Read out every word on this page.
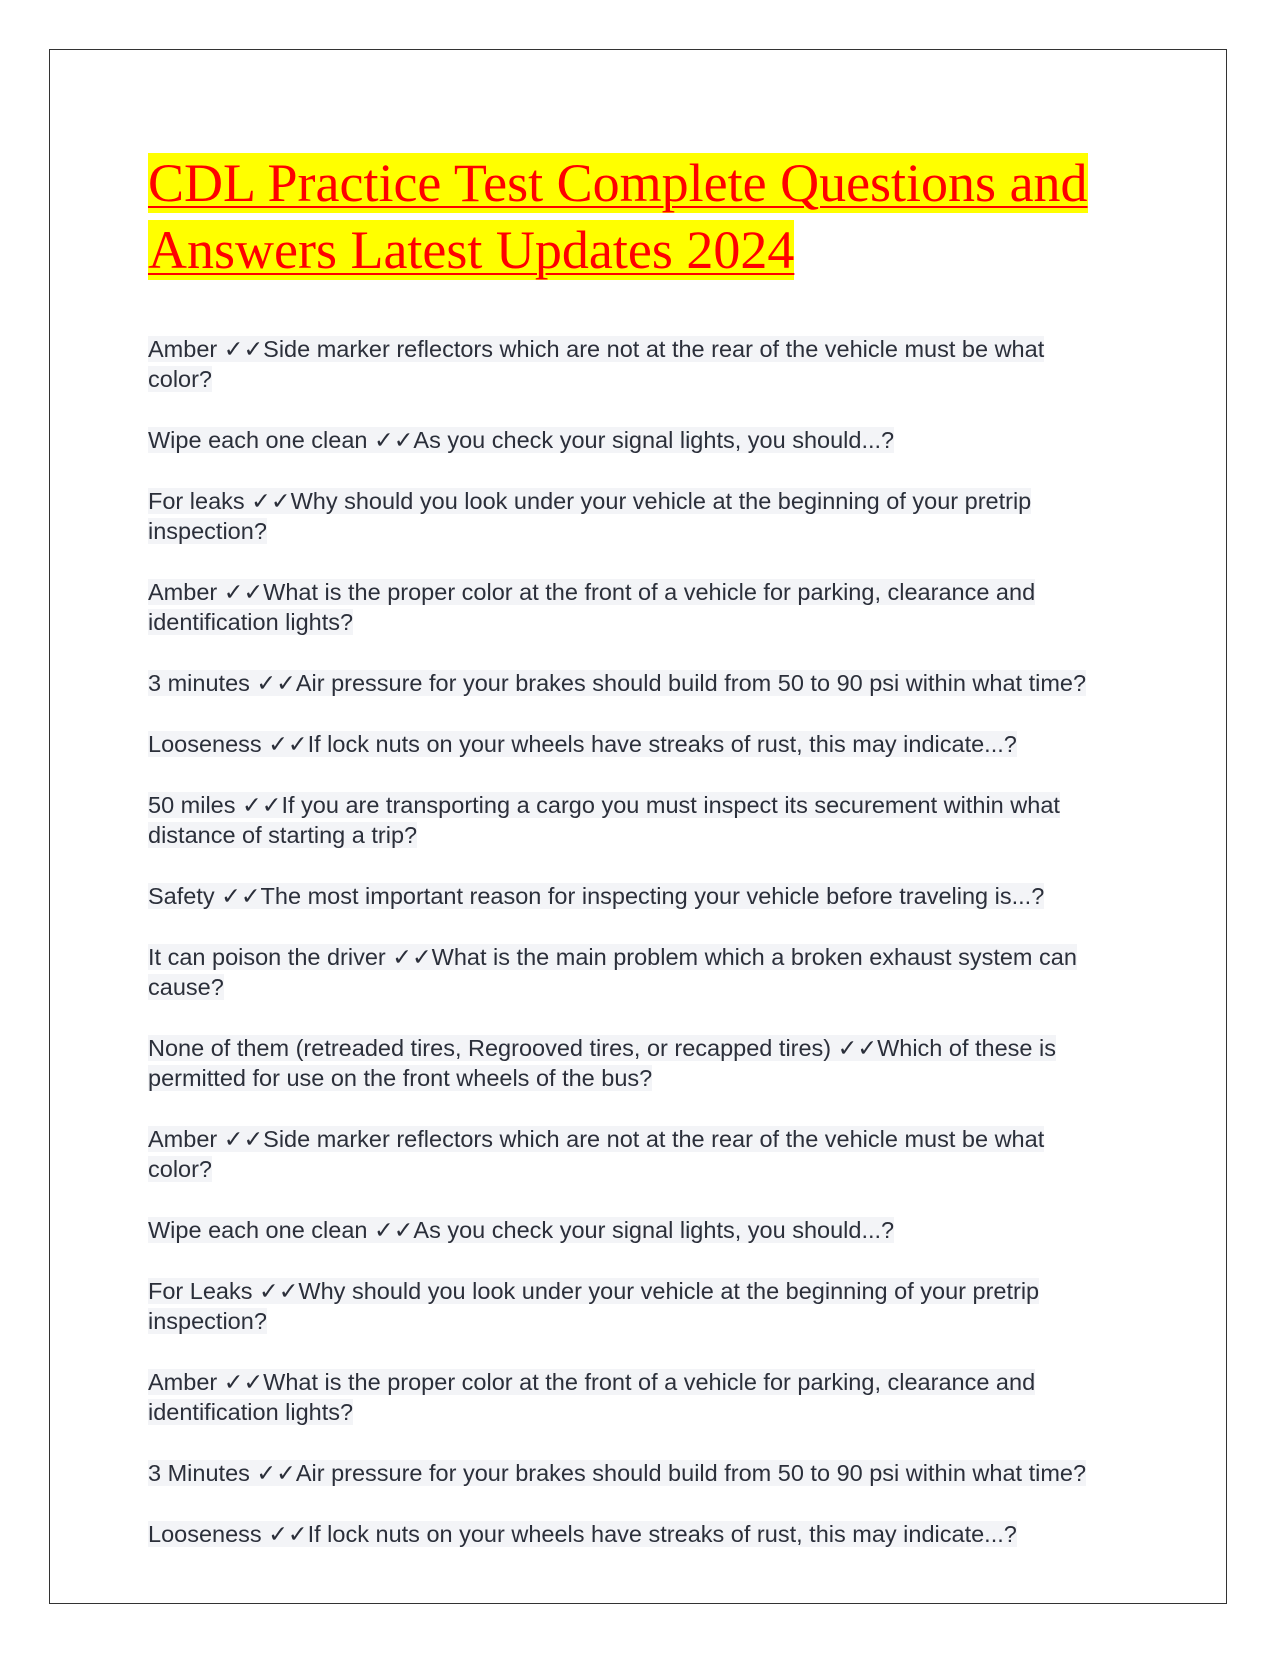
CDL Practice Test Complete Questions and Answers Latest Updates 2024
Amber ✓✓Side marker reflectors which are not at the rear of the vehicle must be what color?
Wipe each one clean ✓✓As you check your signal lights, you should...?
For leaks ✓✓Why should you look under your vehicle at the beginning of your pretrip inspection?
Amber ✓✓What is the proper color at the front of a vehicle for parking, clearance and identification lights?
3 minutes ✓✓Air pressure for your brakes should build from 50 to 90 psi within what time?
Looseness ✓✓If lock nuts on your wheels have streaks of rust, this may indicate...?
50 miles ✓✓If you are transporting a cargo you must inspect its securement within what distance of starting a trip?
Safety ✓✓The most important reason for inspecting your vehicle before traveling is...?
It can poison the driver ✓✓What is the main problem which a broken exhaust system can cause?
None of them (retreaded tires, Regrooved tires, or recapped tires) ✓✓Which of these is permitted for use on the front wheels of the bus?
Amber ✓✓Side marker reflectors which are not at the rear of the vehicle must be what color?
Wipe each one clean ✓✓As you check your signal lights, you should...?
For Leaks ✓✓Why should you look under your vehicle at the beginning of your pretrip inspection?
Amber ✓✓What is the proper color at the front of a vehicle for parking, clearance and identification lights?
3 Minutes ✓✓Air pressure for your brakes should build from 50 to 90 psi within what time?
Looseness ✓✓If lock nuts on your wheels have streaks of rust, this may indicate...?
